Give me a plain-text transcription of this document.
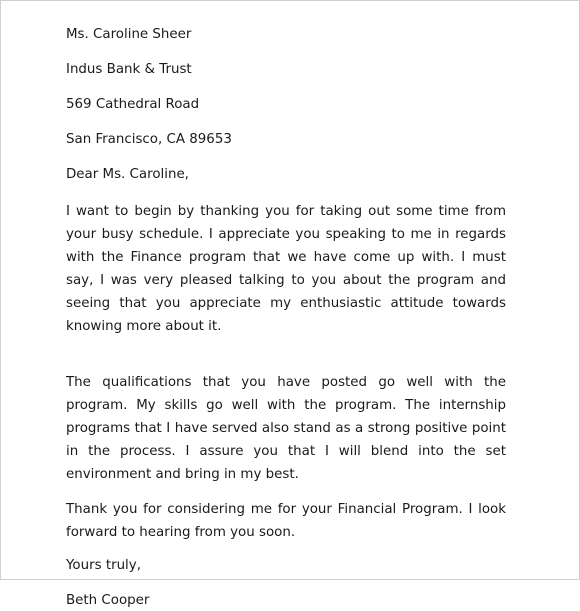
Ms. Caroline Sheer
Indus Bank & Trust
569 Cathedral Road
San Francisco, CA 89653
Dear Ms. Caroline,

I want to begin by thanking you for taking out some time from your busy schedule. I appreciate you speaking to me in regards with the Finance program that we have come up with. I must say, I was very pleased talking to you about the program and seeing that you appreciate my enthusiastic attitude towards knowing more about it.

The qualifications that you have posted go well with the program. My skills go well with the program. The internship programs that I have served also stand as a strong positive point in the process. I assure you that I will blend into the set environment and bring in my best.

Thank you for considering me for your Financial Program. I look forward to hearing from you soon.

Yours truly,
Beth Cooper
